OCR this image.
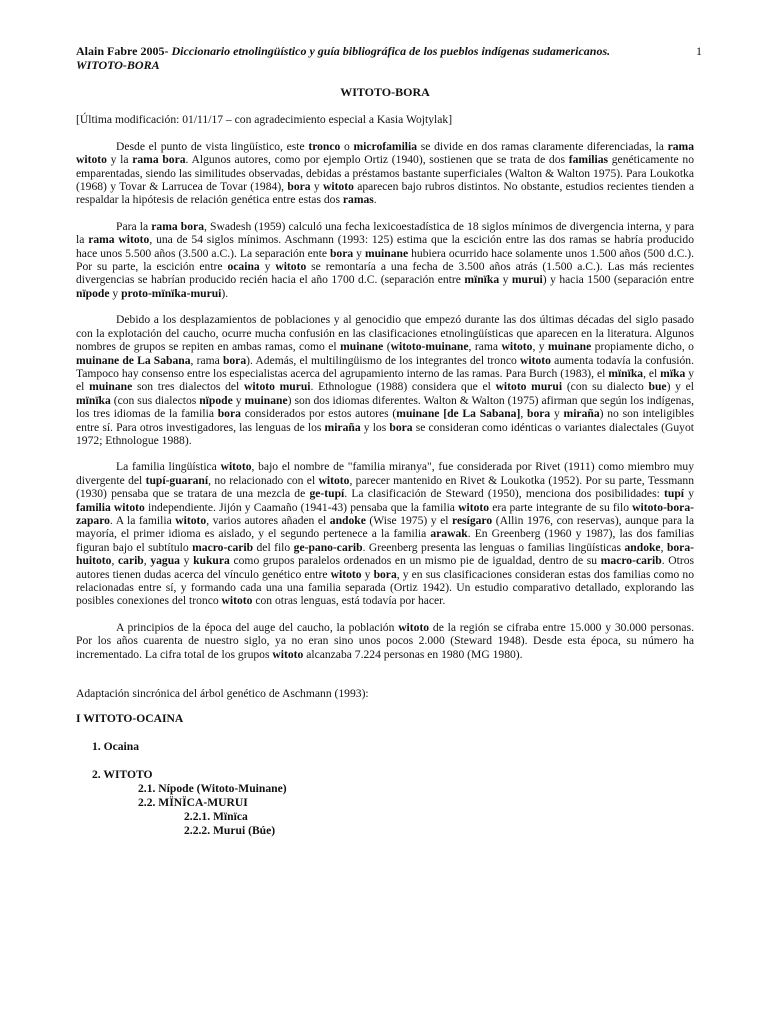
Alain Fabre 2005- Diccionario etnolingüístico y guía bibliográfica de los pueblos indígenas sudamericanos.
WITOTO-BORA
1
WITOTO-BORA
[Última modificación: 01/11/17 – con agradecimiento especial a Kasia Wojtylak]

Desde el punto de vista lingüístico, este tronco o microfamilia se divide en dos ramas claramente diferenciadas, la rama witoto y la rama bora. Algunos autores, como por ejemplo Ortiz (1940), sostienen que se trata de dos familias genéticamente no emparentadas, siendo las similitudes observadas, debidas a préstamos bastante superficiales (Walton & Walton 1975). Para Loukotka (1968) y Tovar & Larrucea de Tovar (1984), bora y witoto aparecen bajo rubros distintos. No obstante, estudios recientes tienden a respaldar la hipótesis de relación genética entre estas dos ramas.

Para la rama bora, Swadesh (1959) calculó una fecha lexicoestadística de 18 siglos mínimos de divergencia interna, y para la rama witoto, una de 54 siglos mínimos. Aschmann (1993: 125) estima que la escición entre las dos ramas se habría producido hace unos 5.500 años (3.500 a.C.). La separación ente bora y muinane hubiera ocurrido hace solamente unos 1.500 años (500 d.C.). Por su parte, la escición entre ocaina y witoto se remontaría a una fecha de 3.500 años atrás (1.500 a.C.). Las más recientes divergencias se habrían producido recién hacia el año 1700 d.C. (separación entre mïnïka y murui) y hacia 1500 (separación entre nïpode y proto-mïnïka-murui).

Debido a los desplazamientos de poblaciones y al genocidio que empezó durante las dos últimas décadas del siglo pasado con la explotación del caucho, ocurre mucha confusión en las clasificaciones etnolingüísticas que aparecen en la literatura. Algunos nombres de grupos se repiten en ambas ramas, como el muinane (witoto-muinane, rama witoto, y muinane propiamente dicho, o muinane de La Sabana, rama bora). Además, el multilingüismo de los integrantes del tronco witoto aumenta todavía la confusión. Tampoco hay consenso entre los especialistas acerca del agrupamiento interno de las ramas. Para Burch (1983), el mïnïka, el mïka y el muinane son tres dialectos del witoto murui. Ethnologue (1988) considera que el witoto murui (con su dialecto bue) y el mïnïka (con sus dialectos nïpode y muinane) son dos idiomas diferentes. Walton & Walton (1975) afirman que según los indígenas, los tres idiomas de la familia bora considerados por estos autores (muinane [de La Sabana], bora y miraña) no son inteligibles entre sí. Para otros investigadores, las lenguas de los miraña y los bora se consideran como idénticas o variantes dialectales (Guyot 1972; Ethnologue 1988).

La familia lingüística witoto, bajo el nombre de "familia miranya", fue considerada por Rivet (1911) como miembro muy divergente del tupí-guaraní, no relacionado con el witoto, parecer mantenido en Rivet & Loukotka (1952). Por su parte, Tessmann (1930) pensaba que se tratara de una mezcla de ge-tupí. La clasificación de Steward (1950), menciona dos posibilidades: tupí y familia witoto independiente. Jijón y Caamaño (1941-43) pensaba que la familia witoto era parte integrante de su filo witoto-bora-zaparo. A la familia witoto, varios autores añaden el andoke (Wise 1975) y el resígaro (Allin 1976, con reservas), aunque para la mayoría, el primer idioma es aislado, y el segundo pertenece a la familia arawak. En Greenberg (1960 y 1987), las dos familias figuran bajo el subtítulo macro-carib del filo ge-pano-carib. Greenberg presenta las lenguas o familias lingüísticas andoke, bora-huitoto, carib, yagua y kukura como grupos paralelos ordenados en un mismo pie de igualdad, dentro de su macro-carib. Otros autores tienen dudas acerca del vínculo genético entre witoto y bora, y en sus clasificaciones consideran estas dos familias como no relacionadas entre sí, y formando cada una una familia separada (Ortiz 1942). Un estudio comparativo detallado, explorando las posibles conexiones del tronco witoto con otras lenguas, está todavía por hacer.

A principios de la época del auge del caucho, la población witoto de la región se cifraba entre 15.000 y 30.000 personas. Por los años cuarenta de nuestro siglo, ya no eran sino unos pocos 2.000 (Steward 1948). Desde esta época, su número ha incrementado. La cifra total de los grupos witoto alcanzaba 7.224 personas en 1980 (MG 1980).

Adaptación sincrónica del árbol genético de Aschmann (1993):
I WITOTO-OCAINA
1. Ocaina
2. WITOTO
2.1. Nípode (Witoto-Muinane)
2.2. MÏNÏCA-MURUI
2.2.1. Mïnïca
2.2.2. Murui (Búe)
